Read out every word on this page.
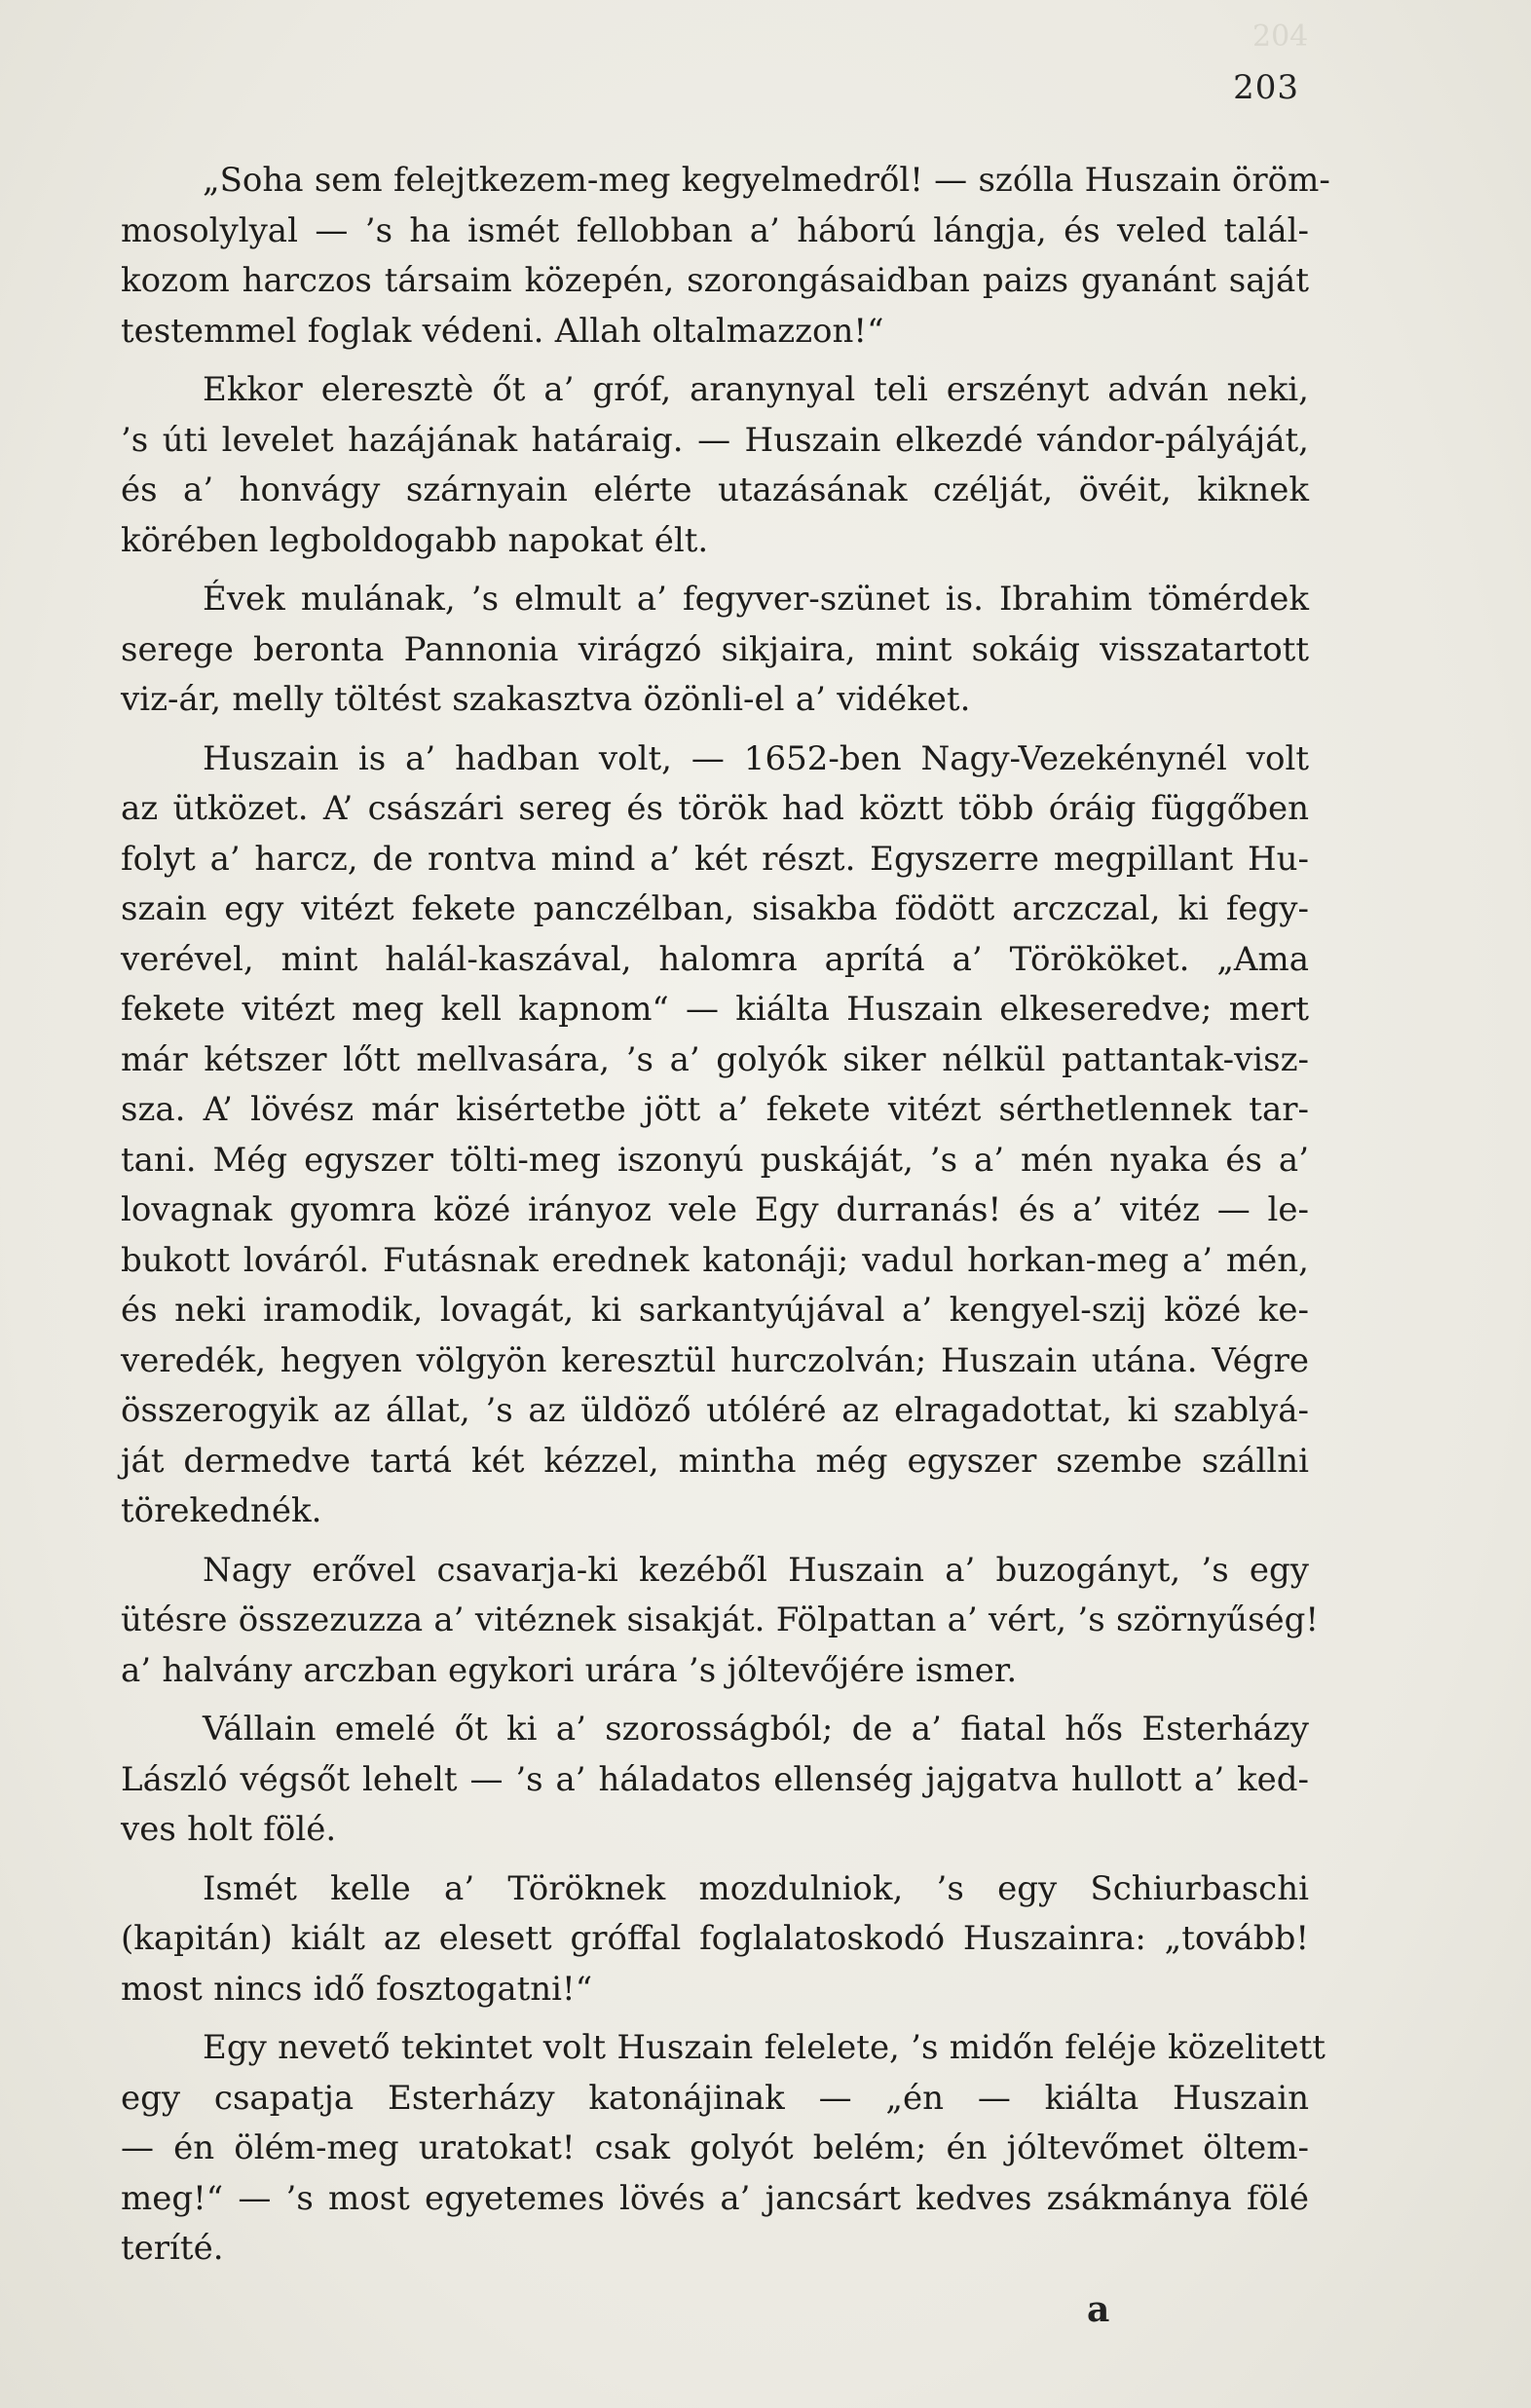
204
203
„Soha sem felejtkezem-meg kegyelmedről! — szólla Huszain öröm-
mosolylyal — ’s ha ismét fellobban a’ háború lángja, és veled talál-
kozom harczos társaim közepén, szorongásaidban paizs gyanánt saját
testemmel foglak védeni. Allah oltalmazzon!“
Ekkor eleresztè őt a’ gróf, aranynyal teli erszényt adván neki,
’s úti levelet hazájának határaig. — Huszain elkezdé vándor-pályáját,
és a’ honvágy szárnyain elérte utazásának czélját, övéit, kiknek
körében legboldogabb napokat élt.
Évek mulának, ’s elmult a’ fegyver-szünet is. Ibrahim tömérdek
serege beronta Pannonia virágzó sikjaira, mint sokáig visszatartott
viz-ár, melly töltést szakasztva özönli-el a’ vidéket.
Huszain is a’ hadban volt, — 1652-ben Nagy-Vezekénynél volt
az ütközet. A’ császári sereg és török had köztt több óráig függőben
folyt a’ harcz, de rontva mind a’ két részt. Egyszerre megpillant Hu-
szain egy vitézt fekete panczélban, sisakba födött arczczal, ki fegy-
verével, mint halál-kaszával, halomra aprítá a’ Törököket. „Ama
fekete vitézt meg kell kapnom“ — kiálta Huszain elkeseredve; mert
már kétszer lőtt mellvasára, ’s a’ golyók siker nélkül pattantak-visz-
sza. A’ lövész már kisértetbe jött a’ fekete vitézt sérthetlennek tar-
tani. Még egyszer tölti-meg iszonyú puskáját, ’s a’ mén nyaka és a’
lovagnak gyomra közé irányoz vele Egy durranás! és a’ vitéz — le-
bukott lováról. Futásnak erednek katonáji; vadul horkan-meg a’ mén,
és neki iramodik, lovagát, ki sarkantyújával a’ kengyel-szij közé ke-
veredék, hegyen völgyön keresztül hurczolván; Huszain utána. Végre
összerogyik az állat, ’s az üldöző utóléré az elragadottat, ki szablyá-
ját dermedve tartá két kézzel, mintha még egyszer szembe szállni
törekednék.
Nagy erővel csavarja-ki kezéből Huszain a’ buzogányt, ’s egy
ütésre összezuzza a’ vitéznek sisakját. Fölpattan a’ vért, ’s szörnyűség!
a’ halvány arczban egykori urára ’s jóltevőjére ismer.
Vállain emelé őt ki a’ szorosságból; de a’ fiatal hős Esterházy
László végsőt lehelt — ’s a’ háladatos ellenség jajgatva hullott a’ ked-
ves holt fölé.
Ismét kelle a’ Töröknek mozdulniok, ’s egy Schiurbaschi
(kapitán) kiált az elesett gróffal foglalatoskodó Huszainra: „tovább!
most nincs idő fosztogatni!“
Egy nevető tekintet volt Huszain felelete, ’s midőn feléje közelitett
egy csapatja Esterházy katonájinak — „én — kiálta Huszain
— én ölém-meg uratokat! csak golyót belém; én jóltevőmet öltem-
meg!“ — ’s most egyetemes lövés a’ jancsárt kedves zsákmánya fölé
teríté.
a
